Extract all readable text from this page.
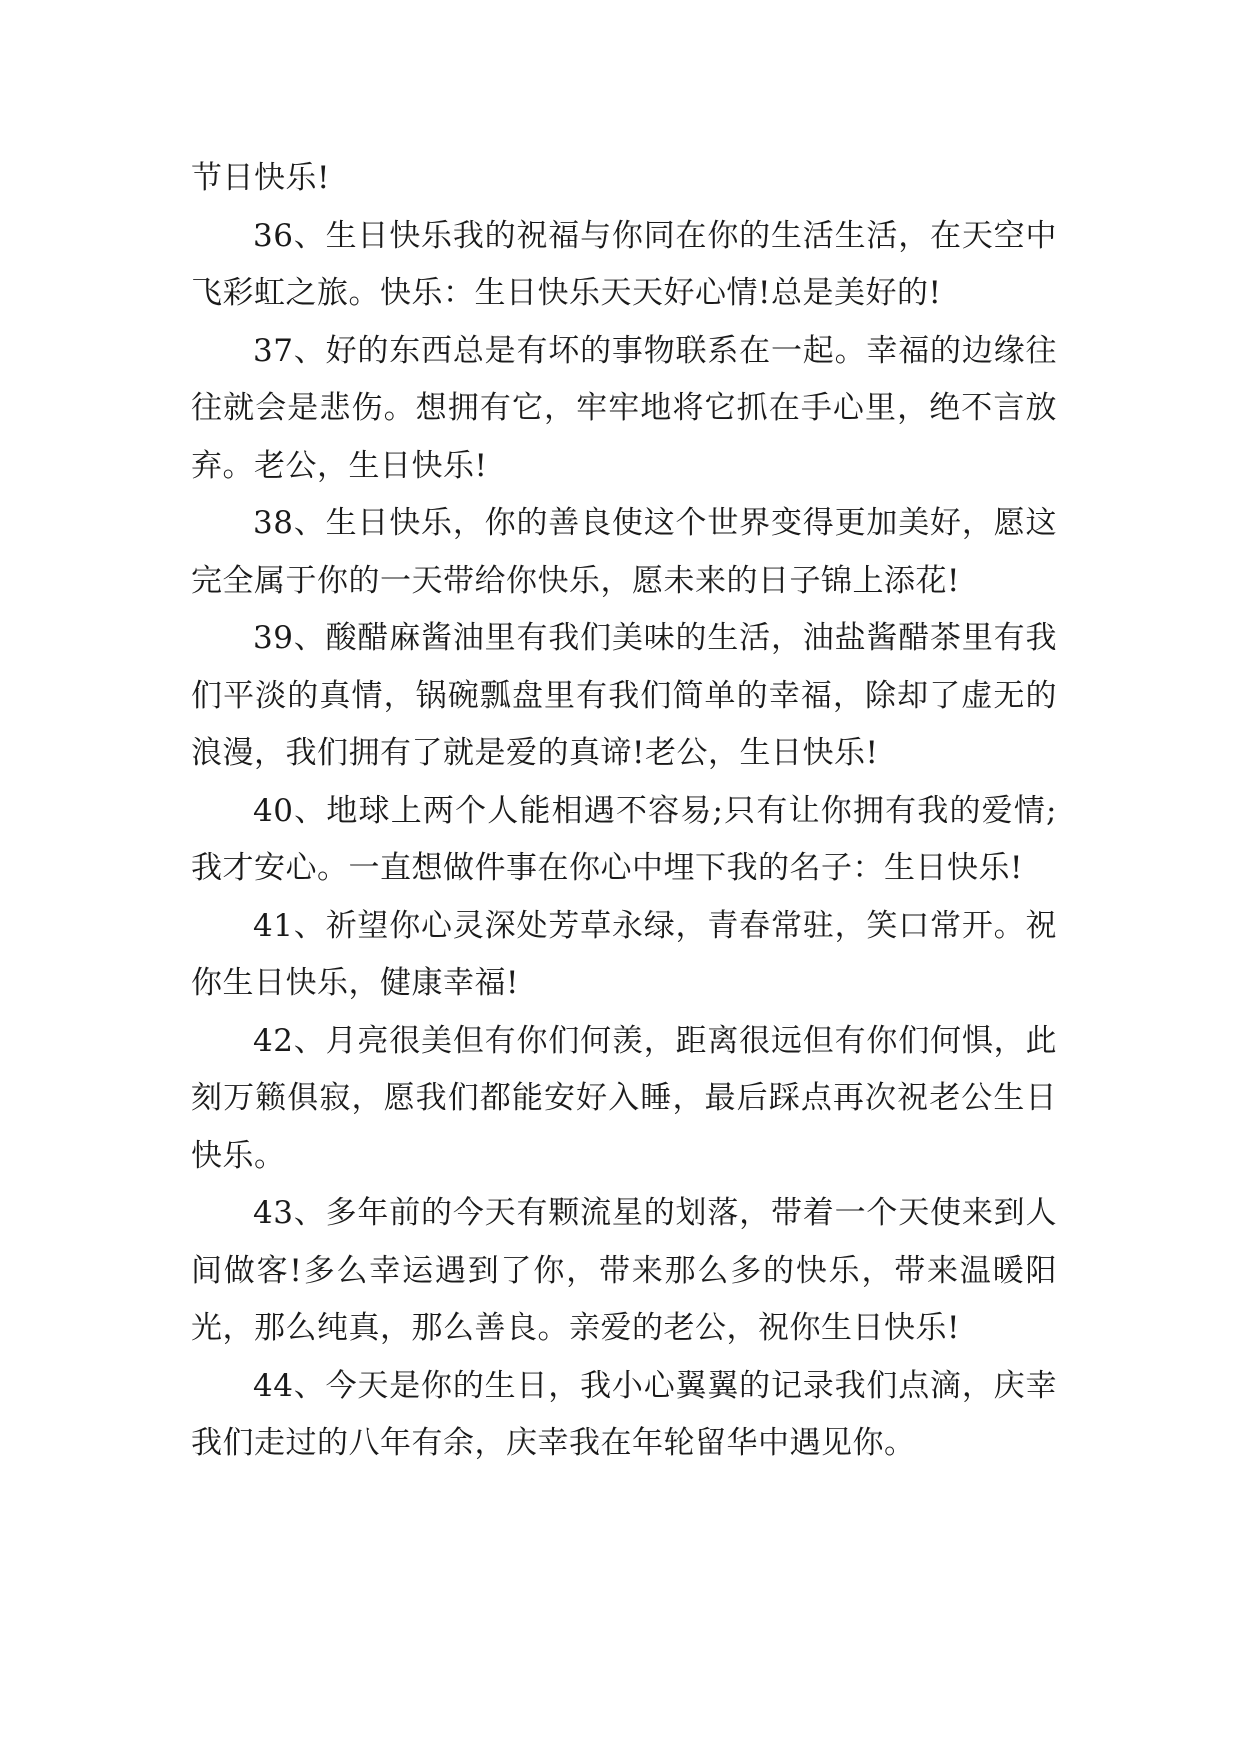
节日快乐!

36、生日快乐我的祝福与你同在你的生活生活，在天空中飞彩虹之旅。快乐：生日快乐天天好心情!总是美好的!

37、好的东西总是有坏的事物联系在一起。幸福的边缘往往就会是悲伤。想拥有它，牢牢地将它抓在手心里，绝不言放弃。老公，生日快乐!

38、生日快乐，你的善良使这个世界变得更加美好，愿这完全属于你的一天带给你快乐，愿未来的日子锦上添花!

39、酸醋麻酱油里有我们美味的生活，油盐酱醋茶里有我们平淡的真情，锅碗瓢盘里有我们简单的幸福，除却了虚无的浪漫，我们拥有了就是爱的真谛!老公，生日快乐!

40、地球上两个人能相遇不容易;只有让你拥有我的爱情;我才安心。一直想做件事在你心中埋下我的名子：生日快乐!

41、祈望你心灵深处芳草永绿，青春常驻，笑口常开。祝你生日快乐，健康幸福!

42、月亮很美但有你们何羡，距离很远但有你们何惧，此刻万籁俱寂，愿我们都能安好入睡，最后踩点再次祝老公生日快乐。

43、多年前的今天有颗流星的划落，带着一个天使来到人间做客!多么幸运遇到了你，带来那么多的快乐，带来温暖阳光，那么纯真，那么善良。亲爱的老公，祝你生日快乐!

44、今天是你的生日，我小心翼翼的记录我们点滴，庆幸我们走过的八年有余，庆幸我在年轮留华中遇见你。
